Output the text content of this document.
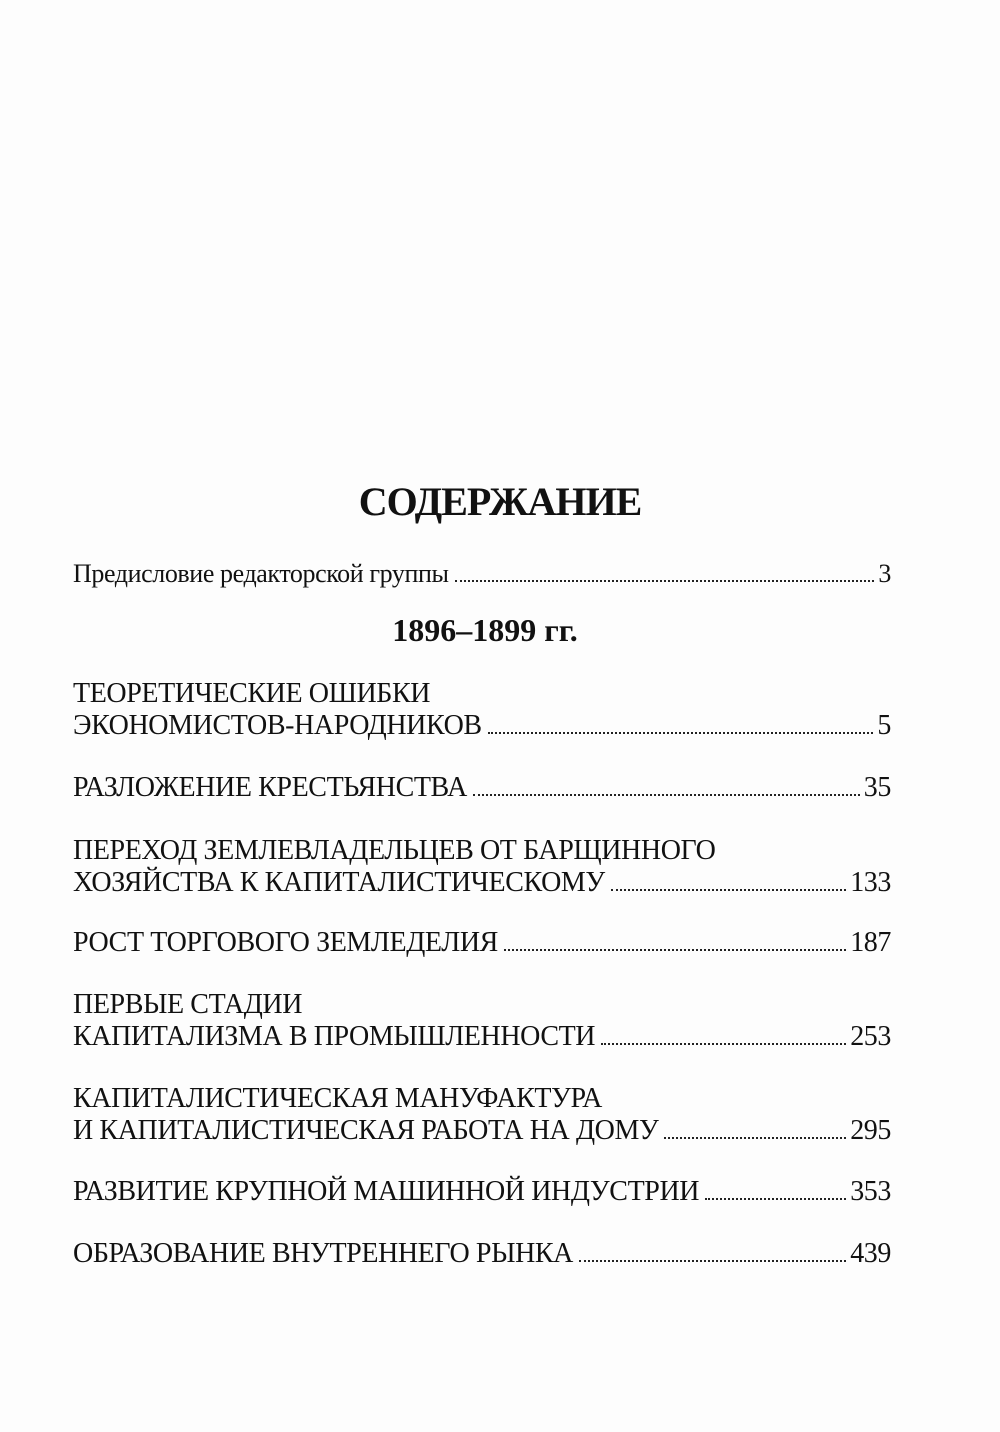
СОДЕРЖАНИЕ
Предисловие редакторской группы	3
1896–1899 гг.
ТЕОРЕТИЧЕСКИЕ ОШИБКИ
ЭКОНОМИСТОВ-НАРОДНИКОВ	5
РАЗЛОЖЕНИЕ КРЕСТЬЯНСТВА	35
ПЕРЕХОД ЗЕМЛЕВЛАДЕЛЬЦЕВ ОТ БАРЩИННОГО
ХОЗЯЙСТВА К КАПИТАЛИСТИЧЕСКОМУ	133
РОСТ ТОРГОВОГО ЗЕМЛЕДЕЛИЯ	187
ПЕРВЫЕ СТАДИИ
КАПИТАЛИЗМА В ПРОМЫШЛЕННОСТИ	253
КАПИТАЛИСТИЧЕСКАЯ МАНУФАКТУРА
И КАПИТАЛИСТИЧЕСКАЯ РАБОТА НА ДОМУ	295
РАЗВИТИЕ КРУПНОЙ МАШИННОЙ ИНДУСТРИИ	353
ОБРАЗОВАНИЕ ВНУТРЕННЕГО РЫНКА	439
